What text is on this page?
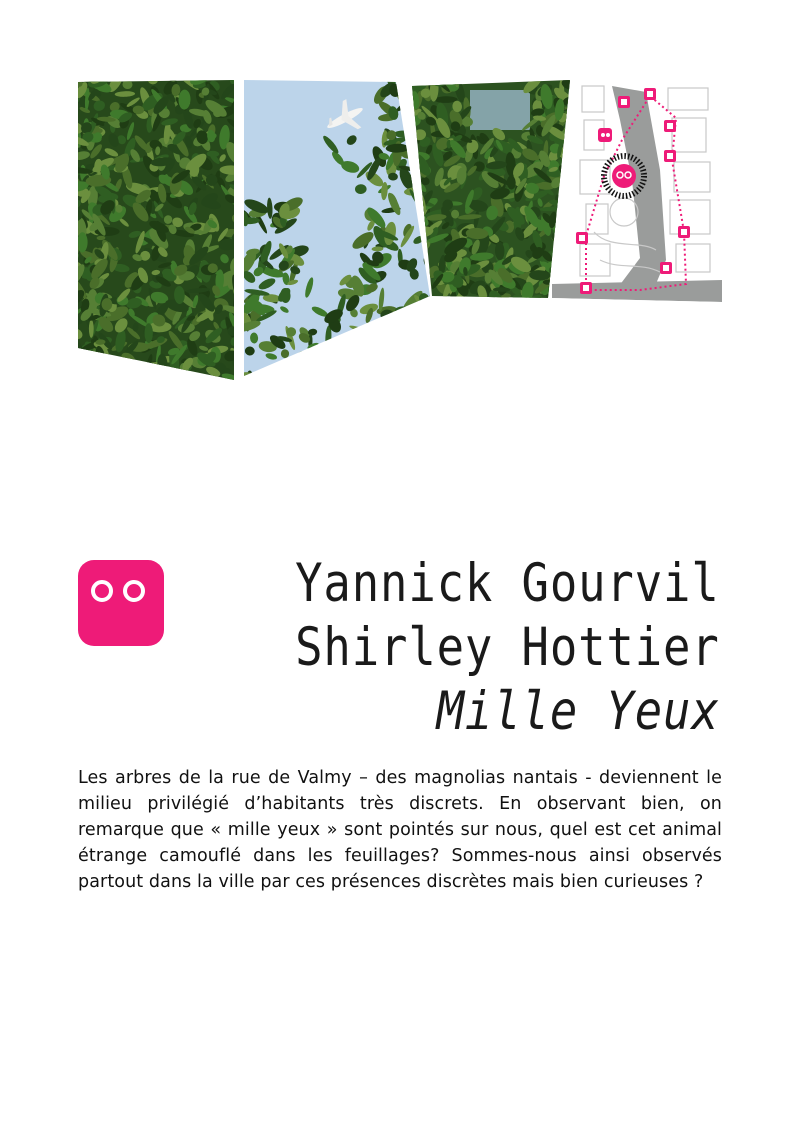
Yannick Gourvil
Shirley Hottier
Mille Yeux
Les arbres de la rue de Valmy – des magnolias nantais - deviennent le milieu privilégié d’habitants très discrets. En observant bien, on remarque que « mille yeux » sont pointés sur nous, quel est cet animal étrange camouflé dans les feuillages? Sommes-nous ainsi observés partout dans la ville par ces présences discrètes mais bien curieuses ?
